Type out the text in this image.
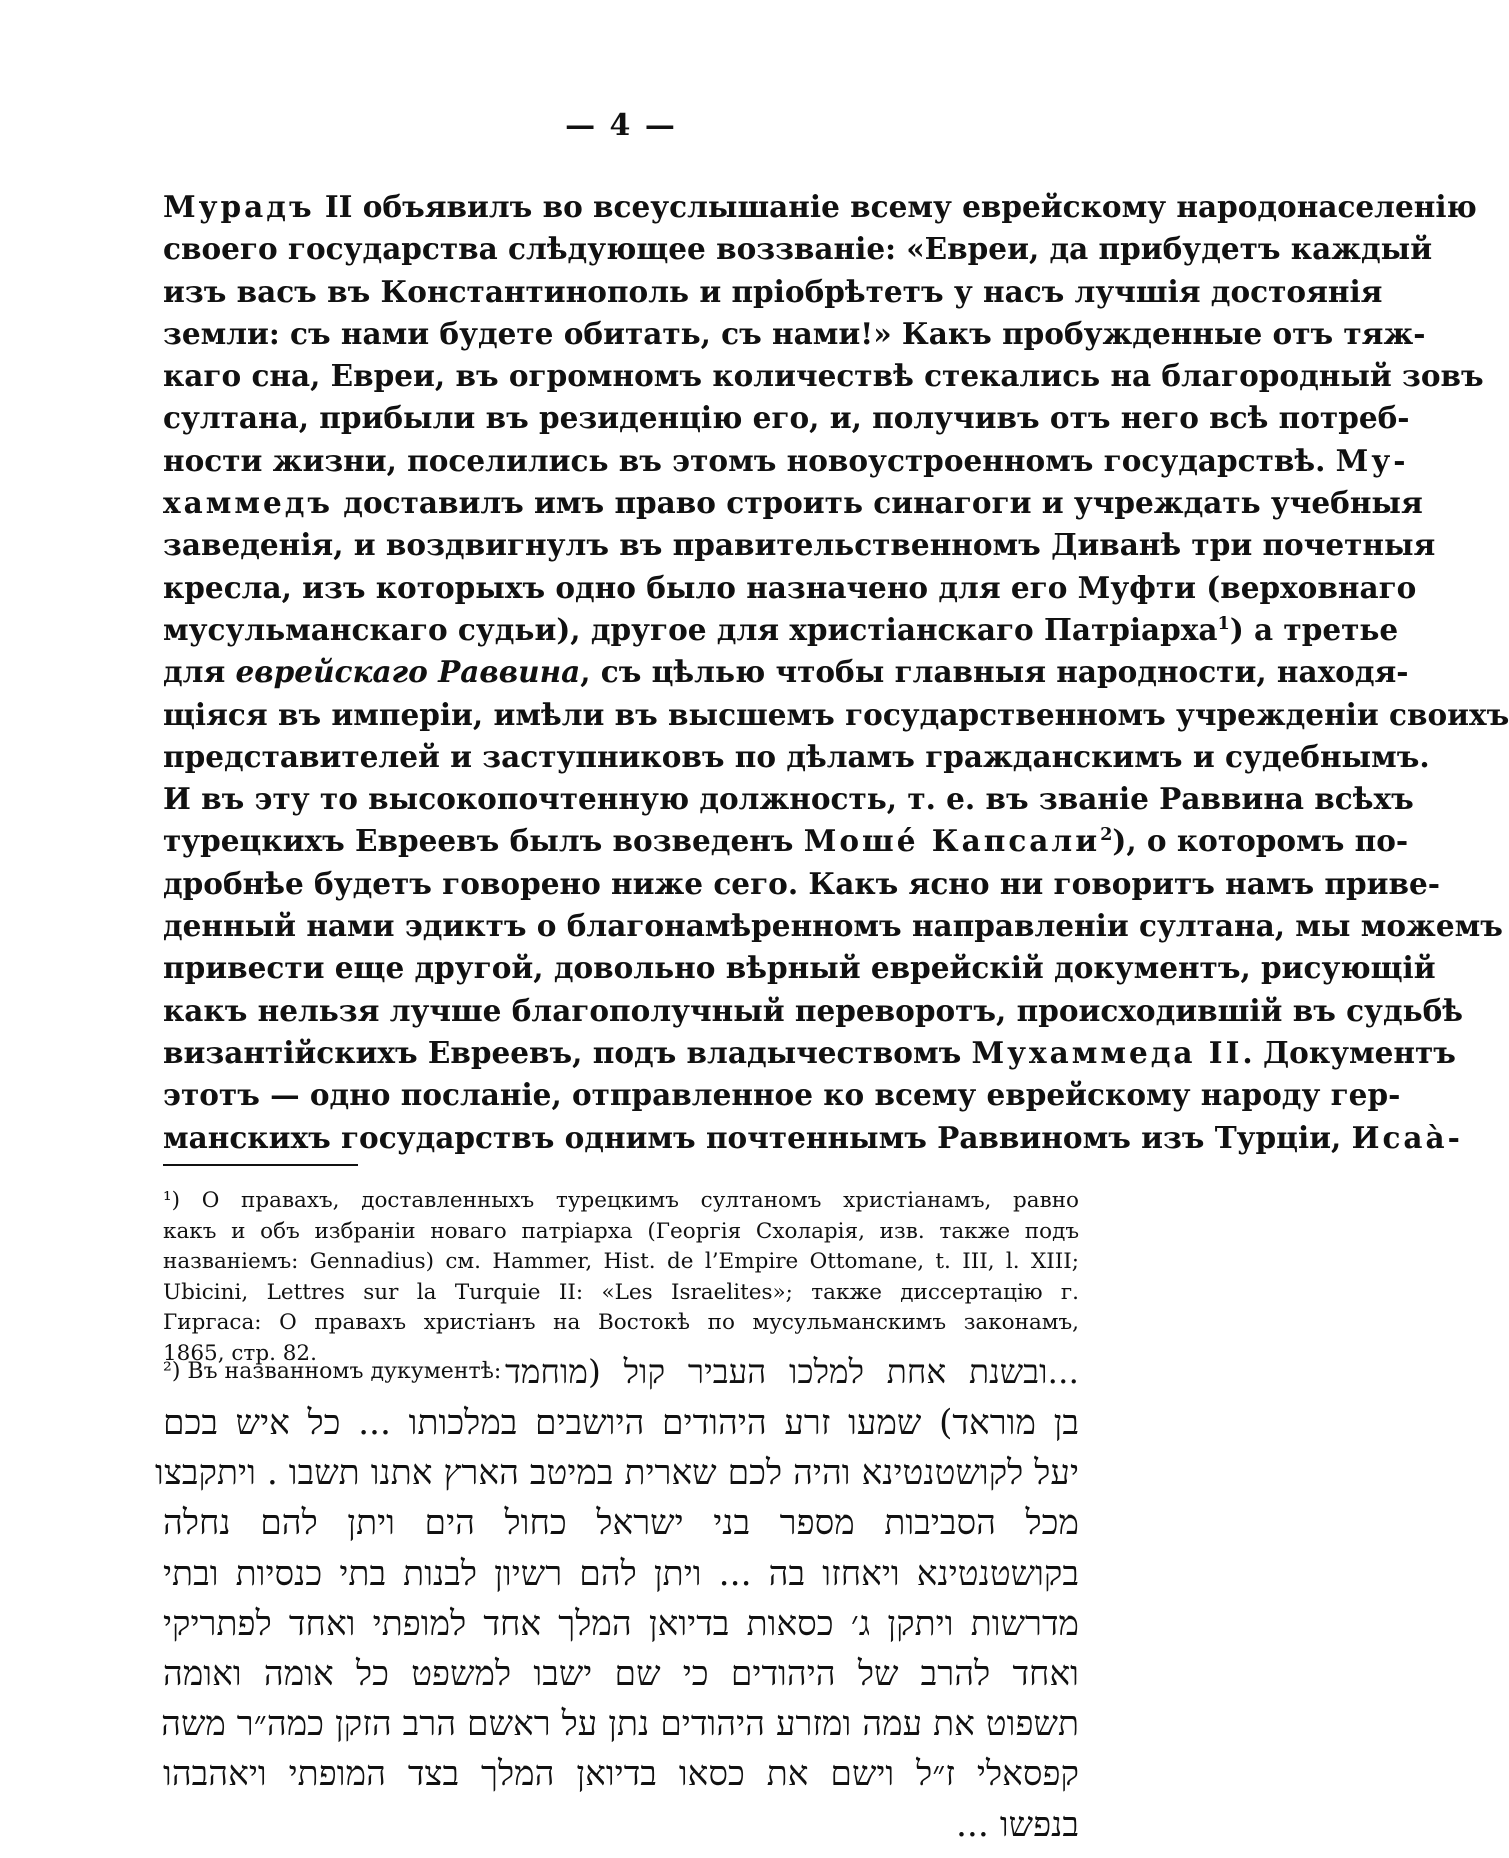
— 4 —
Мурадъ II объявилъ во всеуслышаніе всему еврейскому народонаселенію
своего государства слѣдующее воззваніе: «Евреи, да прибудетъ каждый
изъ васъ въ Константинополь и пріобрѣтетъ у насъ лучшія достоянія
земли: съ нами будете обитать, съ нами!» Какъ пробужденные отъ тяж-
каго сна, Евреи, въ огромномъ количествѣ стекались на благородный зовъ
султана, прибыли въ резиденцію его, и, получивъ отъ него всѣ потреб-
ности жизни, поселились въ этомъ новоустроенномъ государствѣ. Му-
хаммедъ доставилъ имъ право строить синагоги и учреждать учебныя
заведенія, и воздвигнулъ въ правительственномъ Диванѣ три почетныя
кресла, изъ которыхъ одно было назначено для его Муфти (верховнаго
мусульманскаго судьи), другое для христіанскаго Патріарха$^1$) а третье
для еврейскаго Раввина, съ цѣлью чтобы главныя народности, находя-
щіяся въ имперіи, имѣли въ высшемъ государственномъ учрежденіи своихъ
представителей и заступниковъ по дѣламъ гражданскимъ и судебнымъ.
И въ эту то высокопочтенную должность, т. е. въ званіе Раввина всѣхъ
турецкихъ Евреевъ былъ возведенъ Мошé Капсали$^2$), о которомъ по-
дробнѣе будетъ говорено ниже сего. Какъ ясно ни говоритъ намъ приве-
денный нами эдиктъ о благонамѣренномъ направленіи султана, мы можемъ
привести еще другой, довольно вѣрный еврейскій документъ, рисующій
какъ нельзя лучше благополучный переворотъ, происходившій въ судьбѣ
византійскихъ Евреевъ, подъ владычествомъ Мухаммеда II. Документъ
этотъ — одно посланіе, отправленное ко всему еврейскому народу гер-
манскихъ государствъ однимъ почтеннымъ Раввиномъ изъ Турціи, Исаа̀-
¹) О правахъ, доставленныхъ турецкимъ султаномъ христіанамъ, равно
какъ и объ избраніи новаго патріарха (Георгія Схоларія, изв. также подъ
названіемъ: Gennadius) см. Hammer, Hist. de l’Empire Ottomane, t. III, l. XIII;
Ubicini, Lettres sur la Turquie II: «Les Israelites»; также диссертацію г.
Гиргаса: О правахъ христіанъ на Востокѣ по мусульманскимъ законамъ,
1865, стр. 82.
²) Въ названномъ дукументѣ: ...ובשנת אחת למלכו העביר קול (מוחמד
בן מוראד) שמעו זרע היהודים היושבים במלכותו ... כל איש בכם
יעל לקושטנטינא והיה לכם שארית במיטב הארץ אתנו תשבו . ויתקבצו
מכל הסביבות מספר בני ישראל כחול הים ויתן להם נחלה
בקושטנטינא ויאחזו בה ... ויתן להם רשיון לבנות בתי כנסיות ובתי
מדרשות ויתקן ג׳ כסאות בדיואן המלך אחד למופתי ואחד לפתריקי
ואחד להרב של היהודים כי שם ישבו למשפט כל אומה ואומה
תשפוט את עמה ומזרע היהודים נתן על ראשם הרב הזקן כמה״ר משה
קפסאלי ז״ל וישם את כסאו בדיואן המלך בצד המופתי ויאהבהו
בנפשו ...
